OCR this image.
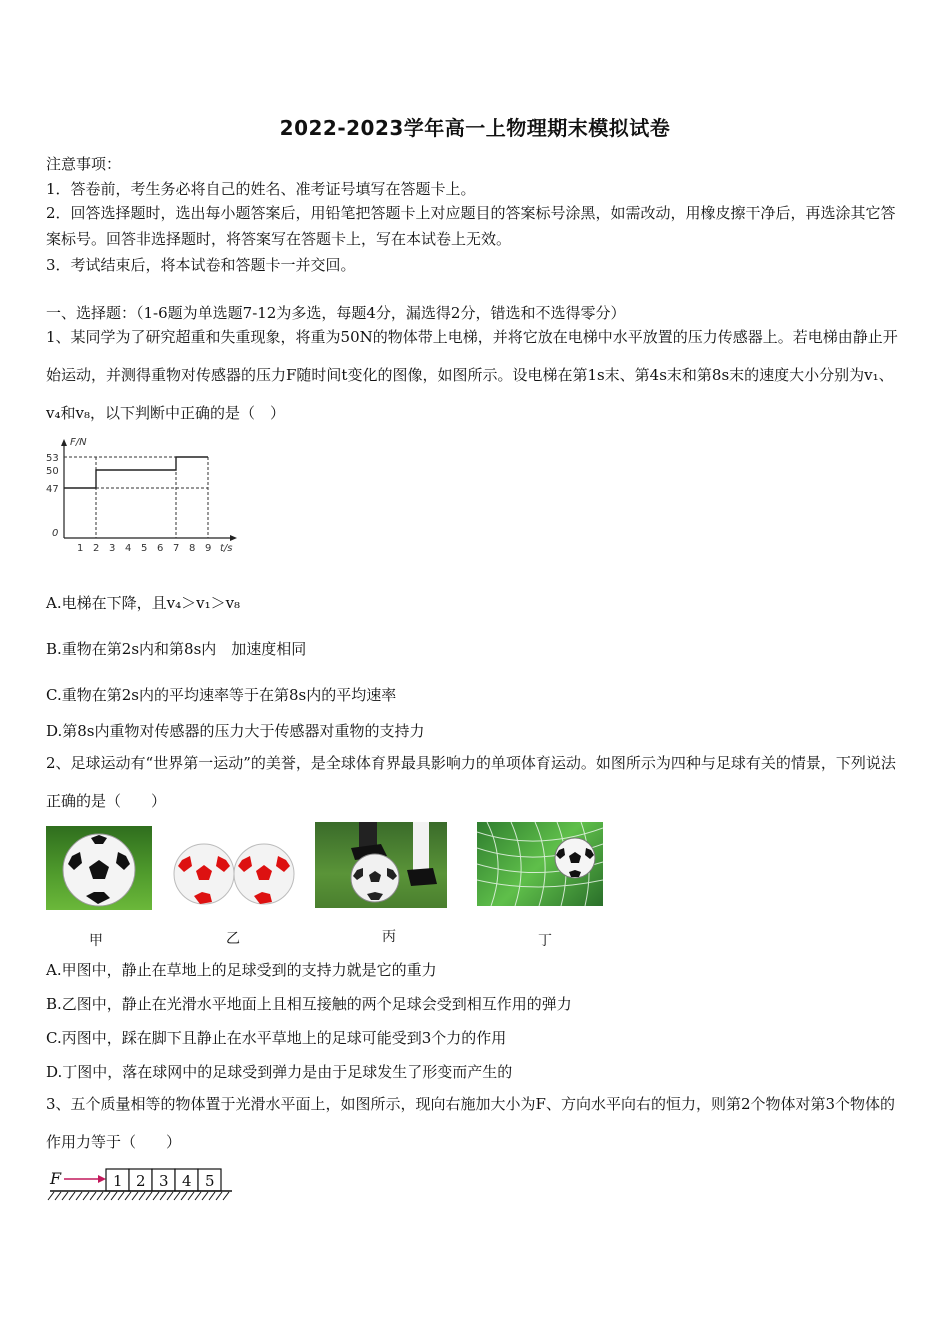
2022-2023学年高一上物理期末模拟试卷
注意事项：
1．答卷前，考生务必将自己的姓名、准考证号填写在答题卡上。
2．回答选择题时，选出每小题答案后，用铅笔把答题卡上对应题目的答案标号涂黑，如需改动，用橡皮擦干净后，再选涂其它答案标号。回答非选择题时，将答案写在答题卡上，写在本试卷上无效。
3．考试结束后，将本试卷和答题卡一并交回。
一、选择题：（1-6题为单选题7-12为多选，每题4分，漏选得2分，错选和不选得零分）
1、某同学为了研究超重和失重现象，将重为50N的物体带上电梯，并将它放在电梯中水平放置的压力传感器上。若电梯由静止开始运动，并测得重物对传感器的压力F随时间t变化的图像，如图所示。设电梯在第1s末、第4s末和第8s末的速度大小分别为v₁、v₄和v₈，以下判断中正确的是（　）
F/N
t/s
0
53
50
47
1 2 3 4 5 6 7 8 9
A.电梯在下降，且v₄＞v₁＞v₈
B.重物在第2s内和第8s内　加速度相同
C.重物在第2s内的平均速率等于在第8s内的平均速率
D.第8s内重物对传感器的压力大于传感器对重物的支持力
2、足球运动有“世界第一运动”的美誉，是全球体育界最具影响力的单项体育运动。如图所示为四种与足球有关的情景，下列说法正确的是（　　）
甲	乙	丙	丁
A.甲图中，静止在草地上的足球受到的支持力就是它的重力
B.乙图中，静止在光滑水平地面上且相互接触的两个足球会受到相互作用的弹力
C.丙图中，踩在脚下且静止在水平草地上的足球可能受到3个力的作用
D.丁图中，落在球网中的足球受到弹力是由于足球发生了形变而产生的
3、五个质量相等的物体置于光滑水平面上，如图所示，现向右施加大小为F、方向水平向右的恒力，则第2个物体对第3个物体的作用力等于（　　）
F	1 2 3 4 5
